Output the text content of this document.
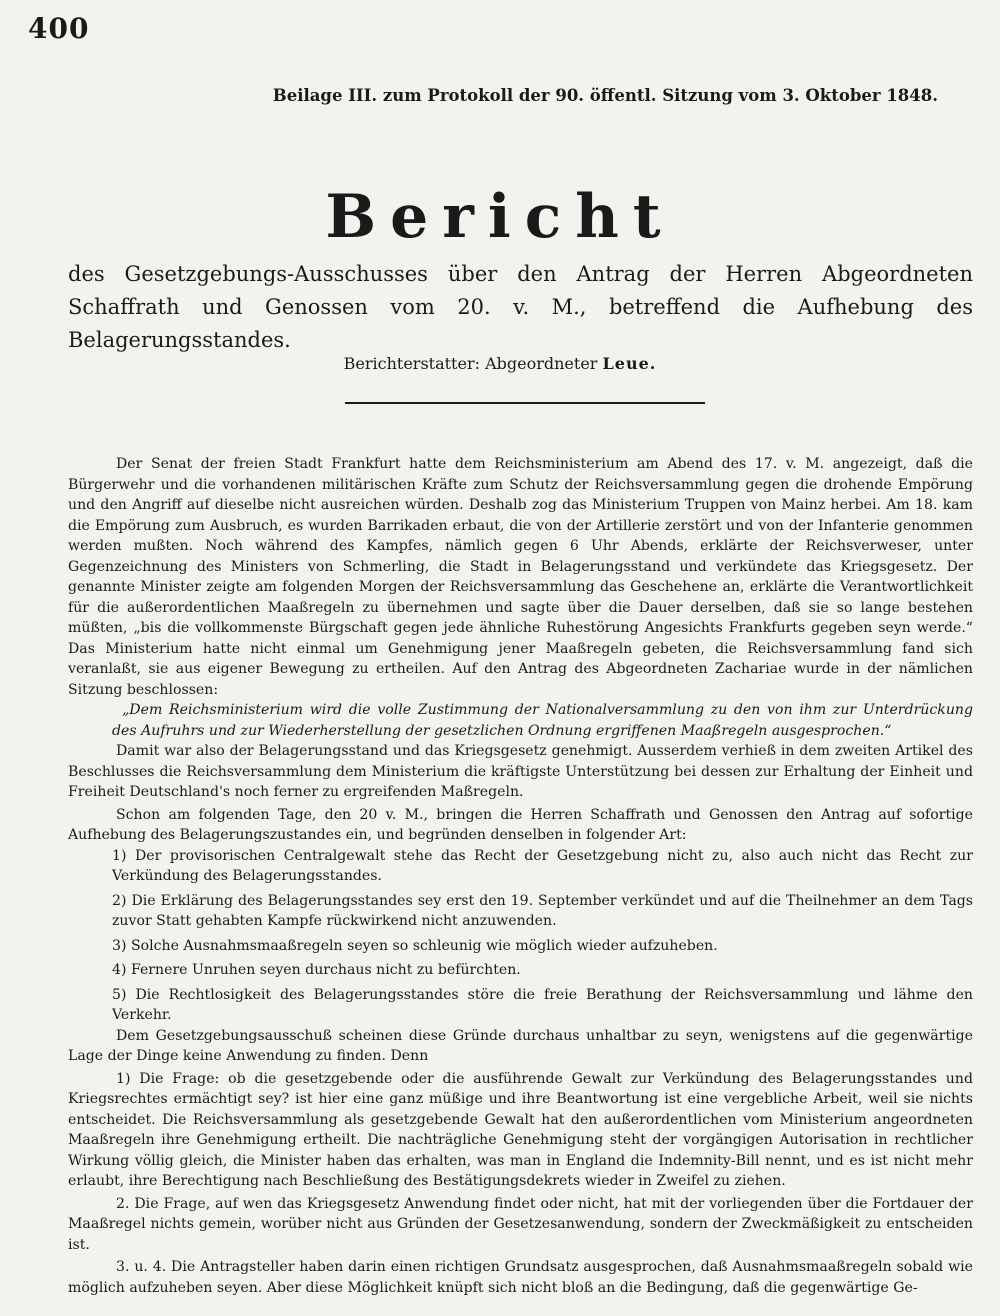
400
Beilage III. zum Protokoll der 90. öffentl. Sitzung vom 3. Oktober 1848.
Bericht
des Gesetzgebungs-Ausschusses über den Antrag der Herren Abgeordneten Schaffrath und Genossen vom 20. v. M., betreffend die Aufhebung des Belagerungsstandes.
Berichterstatter: Abgeordneter Leue.

Der Senat der freien Stadt Frankfurt hatte dem Reichsministerium am Abend des 17. v. M. angezeigt, daß die Bürgerwehr und die vorhandenen militärischen Kräfte zum Schutz der Reichsversammlung gegen die drohende Empörung und den Angriff auf dieselbe nicht ausreichen würden. Deshalb zog das Ministerium Truppen von Mainz herbei. Am 18. kam die Empörung zum Ausbruch, es wurden Barrikaden erbaut, die von der Artillerie zerstört und von der Infanterie genommen werden mußten. Noch während des Kampfes, nämlich gegen 6 Uhr Abends, erklärte der Reichsverweser, unter Gegenzeichnung des Ministers von Schmerling, die Stadt in Belagerungsstand und verkündete das Kriegsgesetz. Der genannte Minister zeigte am folgenden Morgen der Reichsversammlung das Geschehene an, erklärte die Verantwortlichkeit für die außerordentlichen Maaßregeln zu übernehmen und sagte über die Dauer derselben, daß sie so lange bestehen müßten, „bis die vollkommenste Bürgschaft gegen jede ähnliche Ruhestörung Angesichts Frankfurts gegeben seyn werde.“ Das Ministerium hatte nicht einmal um Genehmigung jener Maaßregeln gebeten, die Reichsversammlung fand sich veranlaßt, sie aus eigener Bewegung zu ertheilen. Auf den Antrag des Abgeordneten Zachariae wurde in der nämlichen Sitzung beschlossen:

„Dem Reichsministerium wird die volle Zustimmung der Nationalversammlung zu den von ihm zur Unterdrückung des Aufruhrs und zur Wiederherstellung der gesetzlichen Ordnung ergriffenen Maaßregeln ausgesprochen.“

Damit war also der Belagerungsstand und das Kriegsgesetz genehmigt. Ausserdem verhieß in dem zweiten Artikel des Beschlusses die Reichsversammlung dem Ministerium die kräftigste Unterstützung bei dessen zur Erhaltung der Einheit und Freiheit Deutschland's noch ferner zu ergreifenden Maßregeln.

Schon am folgenden Tage, den 20 v. M., bringen die Herren Schaffrath und Genossen den Antrag auf sofortige Aufhebung des Belagerungszustandes ein, und begründen denselben in folgender Art:

1) Der provisorischen Centralgewalt stehe das Recht der Gesetzgebung nicht zu, also auch nicht das Recht zur Verkündung des Belagerungsstandes.

2) Die Erklärung des Belagerungsstandes sey erst den 19. September verkündet und auf die Theilnehmer an dem Tags zuvor Statt gehabten Kampfe rückwirkend nicht anzuwenden.

3) Solche Ausnahmsmaaßregeln seyen so schleunig wie möglich wieder aufzuheben.

4) Fernere Unruhen seyen durchaus nicht zu befürchten.

5) Die Rechtlosigkeit des Belagerungsstandes störe die freie Berathung der Reichsversammlung und lähme den Verkehr.

Dem Gesetzgebungsausschuß scheinen diese Gründe durchaus unhaltbar zu seyn, wenigstens auf die gegenwärtige Lage der Dinge keine Anwendung zu finden. Denn

1) Die Frage: ob die gesetzgebende oder die ausführende Gewalt zur Verkündung des Belagerungsstandes und Kriegsrechtes ermächtigt sey? ist hier eine ganz müßige und ihre Beantwortung ist eine vergebliche Arbeit, weil sie nichts entscheidet. Die Reichsversammlung als gesetzgebende Gewalt hat den außerordentlichen vom Ministerium angeordneten Maaßregeln ihre Genehmigung ertheilt. Die nachträgliche Genehmigung steht der vorgängigen Autorisation in rechtlicher Wirkung völlig gleich, die Minister haben das erhalten, was man in England die Indemnity-Bill nennt, und es ist nicht mehr erlaubt, ihre Berechtigung nach Beschließung des Bestätigungsdekrets wieder in Zweifel zu ziehen.

2. Die Frage, auf wen das Kriegsgesetz Anwendung findet oder nicht, hat mit der vorliegenden über die Fortdauer der Maaßregel nichts gemein, worüber nicht aus Gründen der Gesetzesanwendung, sondern der Zweckmäßigkeit zu entscheiden ist.

3. u. 4. Die Antragsteller haben darin einen richtigen Grundsatz ausgesprochen, daß Ausnahmsmaaßregeln sobald wie möglich aufzuheben seyen. Aber diese Möglichkeit knüpft sich nicht bloß an die Bedingung, daß die gegenwärtige Ge-
